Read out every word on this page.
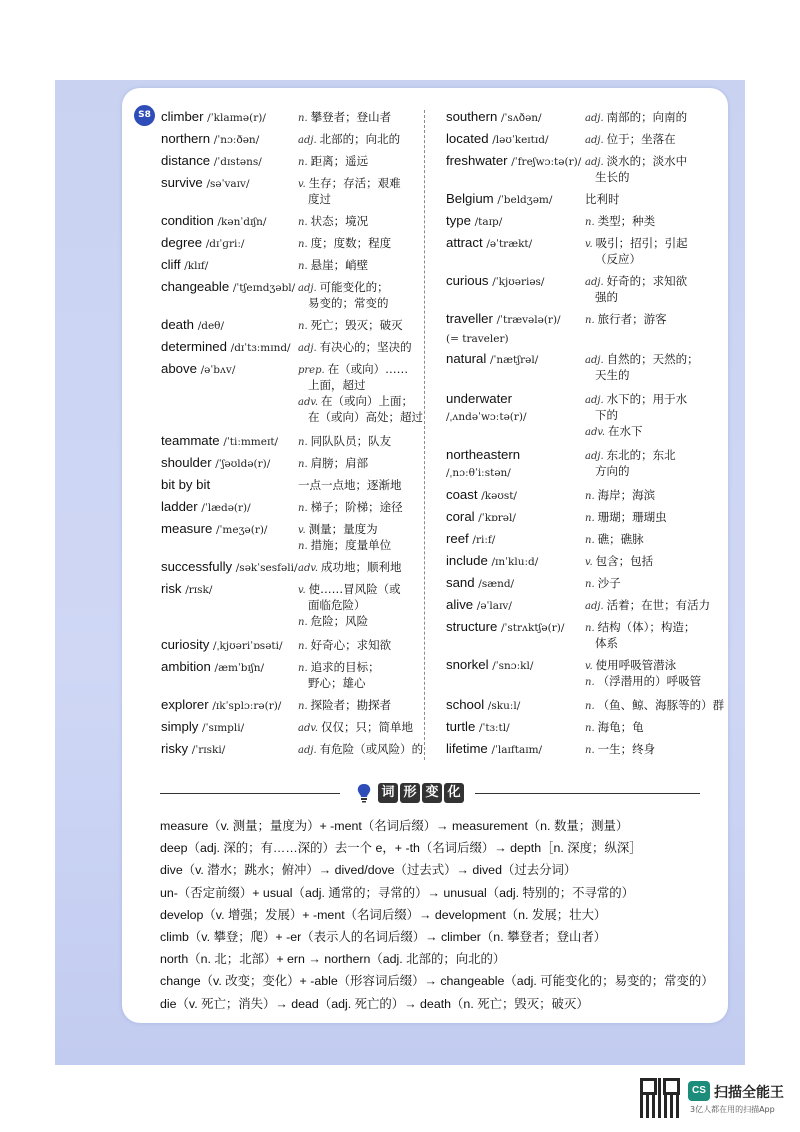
S8 climber /ˈklaɪmə(r)/	n. 攀登者；登山者
northern /ˈnɔːðən/	adj. 北部的；向北的
distance /ˈdɪstəns/	n. 距离；遥远
survive /səˈvaɪv/	v. 生存；存活；艰难
度过
condition /kənˈdɪʃn/	n. 状态；境况
degree /dɪˈɡriː/	n. 度；度数；程度
cliff /klɪf/	n. 悬崖；峭壁
changeable /ˈtʃeɪndʒəbl/ adj. 可能变化的；
易变的；常变的
death /deθ/	n. 死亡；毁灭；破灭
determined /dɪˈtɜːmɪnd/ adj. 有决心的；坚决的
above /əˈbʌv/	prep. 在（或向）……
上面，超过
adv. 在（或向）上面；
在（或向）高处；超过
teammate /ˈtiːmmeɪt/ n. 同队队员；队友
shoulder /ˈʃəʊldə(r)/	n. 肩膀；肩部
bit by bit	一点一点地；逐渐地
ladder /ˈlædə(r)/	n. 梯子；阶梯；途径
measure /ˈmeʒə(r)/	v. 测量；量度为
n. 措施；度量单位
successfully /səkˈsesfəli/ adv. 成功地；顺利地
risk /rɪsk/	v. 使……冒风险（或
面临危险）
n. 危险；风险
curiosity /ˌkjʊəriˈɒsəti/ n. 好奇心；求知欲
ambition /æmˈbɪʃn/	n. 追求的目标；
野心；雄心
explorer /ɪkˈsplɔːrə(r)/ n. 探险者；勘探者
simply /ˈsɪmpli/	adv. 仅仅；只；简单地
risky /ˈrɪski/	adj. 有危险（或风险）的
southern /ˈsʌðən/	adj. 南部的；向南的
located /ləʊˈkeɪtɪd/	adj. 位于；坐落在
freshwater /ˈfreʃwɔːtə(r)/ adj. 淡水的；淡水中
生长的
Belgium /ˈbeldʒəm/	比利时
type /taɪp/	n. 类型；种类
attract /əˈtrækt/	v. 吸引；招引；引起
（反应）
curious /ˈkjʊəriəs/	adj. 好奇的；求知欲
强的
traveller /ˈtrævələ(r)/
(= traveler)
n. 旅行者；游客
natural /ˈnætʃrəl/	adj. 自然的；天然的；
天生的
underwater
/ˌʌndəˈwɔːtə(r)/
adj. 水下的；用于水
下的
adv. 在水下
northeastern
/ˌnɔːθˈiːstən/
adj. 东北的；东北
方向的
coast /kəʊst/	n. 海岸；海滨
coral /ˈkɒrəl/	n. 珊瑚；珊瑚虫
reef /riːf/	n. 礁；礁脉
include /ɪnˈkluːd/	v. 包含；包括
sand /sænd/	n. 沙子
alive /əˈlaɪv/	adj. 活着；在世；有活力
structure /ˈstrʌktʃə(r)/ n. 结构（体）；构造；
体系
snorkel /ˈsnɔːkl/	v. 使用呼吸管潜泳
n. （浮潜用的）呼吸管
school /skuːl/	n. （鱼、鲸、海豚等的）群
turtle /ˈtɜːtl/	n. 海龟；龟
lifetime /ˈlaɪftaɪm/	n. 一生；终身
词 形 变 化
measure（v. 测量；量度为）+ -ment（名词后缀）→ measurement（n. 数量；测量）
deep（adj. 深的；有……深的）去一个 e，+ -th（名词后缀）→ depth［n. 深度；纵深］
dive（v. 潜水；跳水；俯冲）→ dived/dove（过去式）→ dived（过去分词）
un-（否定前缀）+ usual（adj. 通常的；寻常的）→ unusual（adj. 特别的；不寻常的）
develop（v. 增强；发展）+ -ment（名词后缀）→ development（n. 发展；壮大）
climb（v. 攀登；爬）+ -er（表示人的名词后缀）→ climber（n. 攀登者；登山者）
north（n. 北；北部）+ ern → northern（adj. 北部的；向北的）
change（v. 改变；变化）+ -able（形容词后缀）→ changeable（adj. 可能变化的；易变的；常变的）
die（v. 死亡；消失）→ dead（adj. 死亡的）→ death（n. 死亡；毁灭；破灭）
CS 扫描全能王
3亿人都在用的扫描App
